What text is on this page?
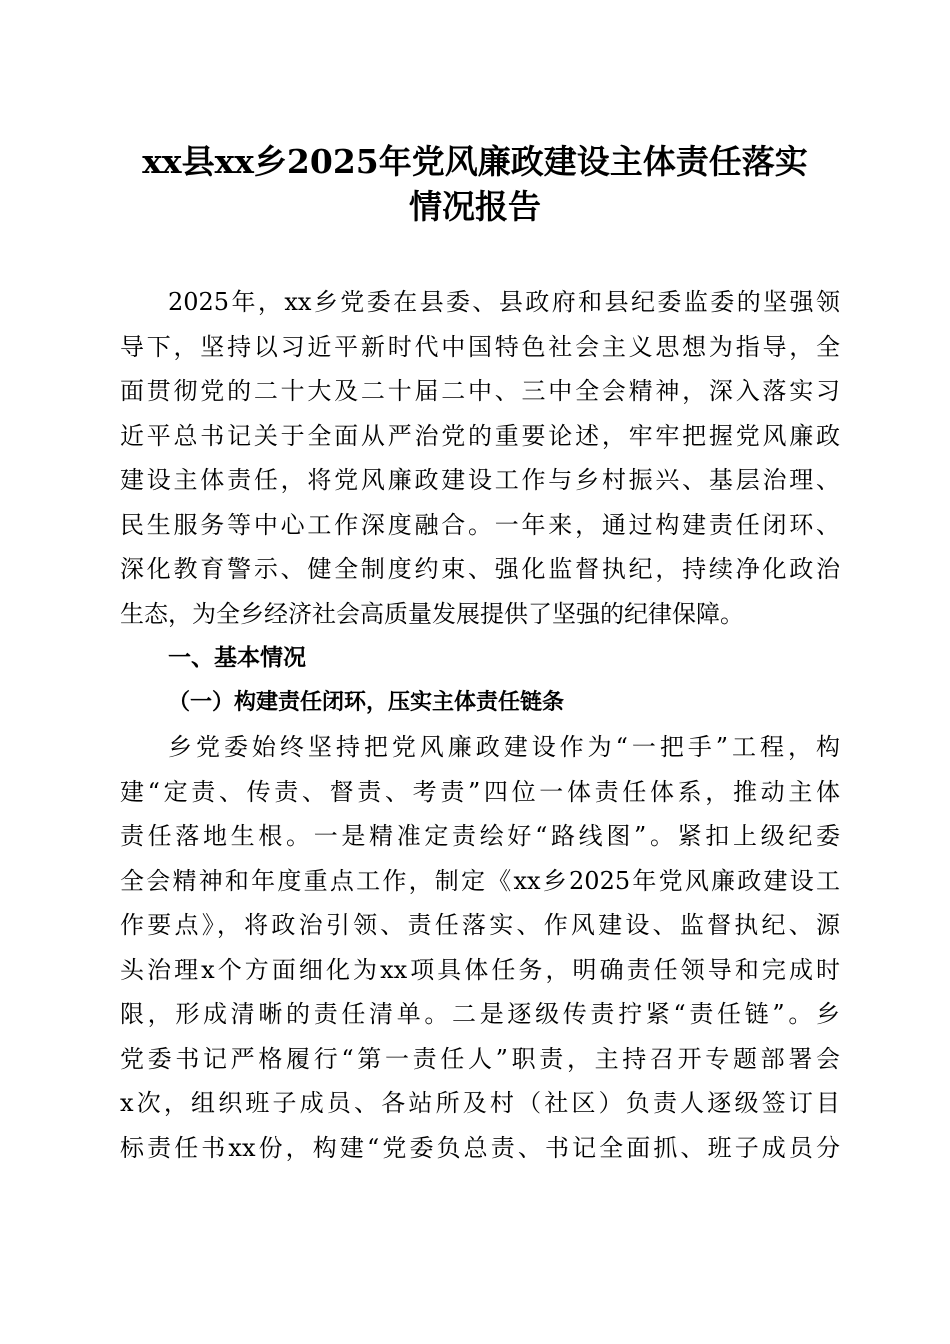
xx县xx乡2025年党风廉政建设主体责任落实
情况报告
2025年，xx乡党委在县委、县政府和县纪委监委的坚强领
导下，坚持以习近平新时代中国特色社会主义思想为指导，全
面贯彻党的二十大及二十届二中、三中全会精神，深入落实习
近平总书记关于全面从严治党的重要论述，牢牢把握党风廉政
建设主体责任，将党风廉政建设工作与乡村振兴、基层治理、
民生服务等中心工作深度融合。一年来，通过构建责任闭环、
深化教育警示、健全制度约束、强化监督执纪，持续净化政治
生态，为全乡经济社会高质量发展提供了坚强的纪律保障。
一、基本情况
（一）构建责任闭环，压实主体责任链条
乡党委始终坚持把党风廉政建设作为“一把手”工程，构
建“定责、传责、督责、考责”四位一体责任体系，推动主体
责任落地生根。一是精准定责绘好“路线图”。紧扣上级纪委
全会精神和年度重点工作，制定《xx乡2025年党风廉政建设工
作要点》，将政治引领、责任落实、作风建设、监督执纪、源
头治理x个方面细化为xx项具体任务，明确责任领导和完成时
限，形成清晰的责任清单。二是逐级传责拧紧“责任链”。乡
党委书记严格履行“第一责任人”职责，主持召开专题部署会
x次，组织班子成员、各站所及村（社区）负责人逐级签订目
标责任书xx份，构建“党委负总责、书记全面抓、班子成员分
